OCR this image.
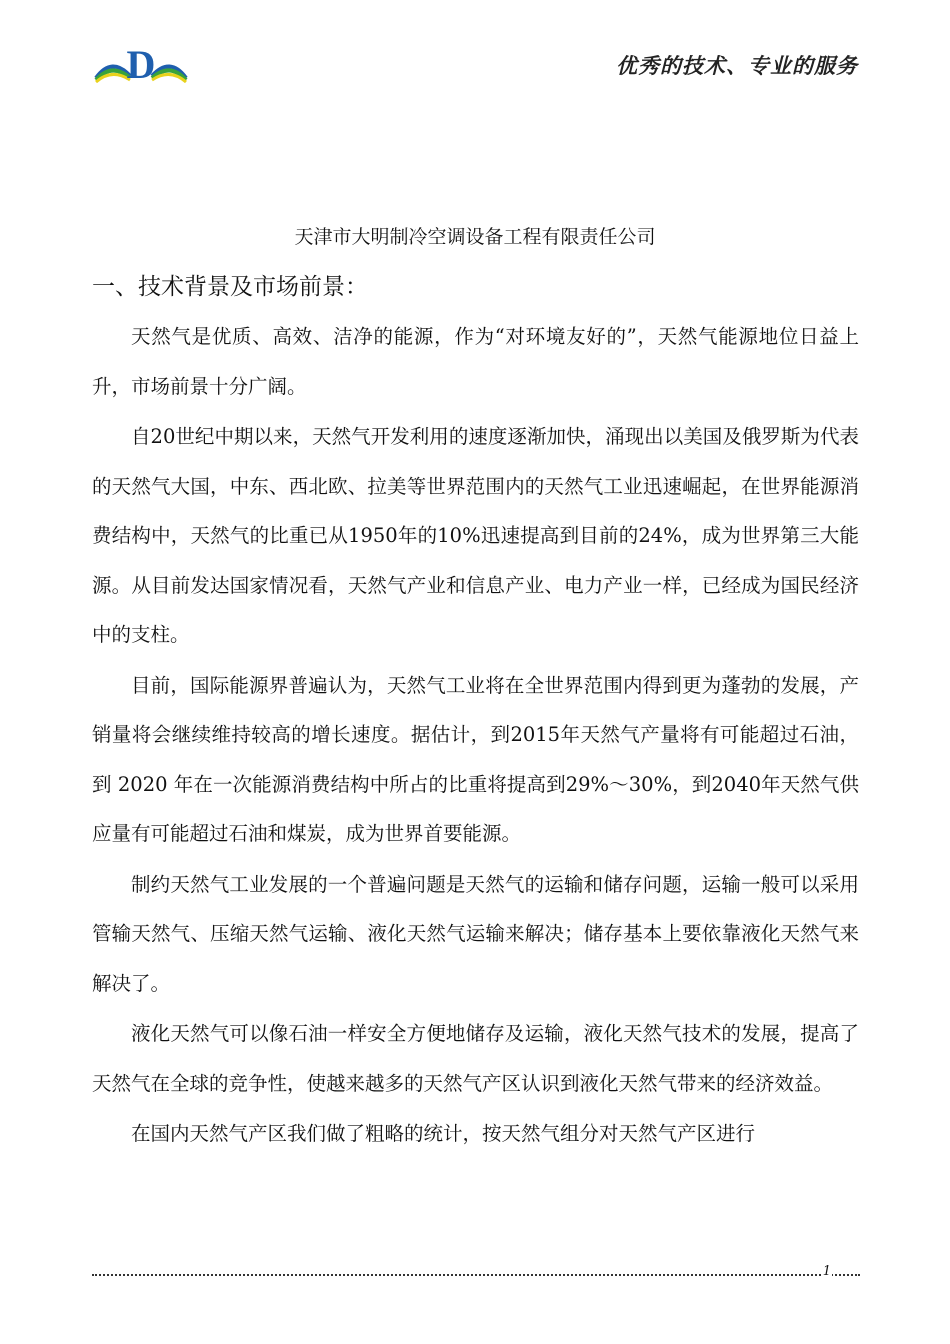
D	优秀的技术、专业的服务
天津市大明制冷空调设备工程有限责任公司
一、技术背景及市场前景：

天然气是优质、高效、洁净的能源，作为“对环境友好的”，天然气能源地位日益上升，市场前景十分广阔。

自20世纪中期以来，天然气开发利用的速度逐渐加快，涌现出以美国及俄罗斯为代表的天然气大国，中东、西北欧、拉美等世界范围内的天然气工业迅速崛起，在世界能源消费结构中，天然气的比重已从1950年的10%迅速提高到目前的24%，成为世界第三大能源。从目前发达国家情况看，天然气产业和信息产业、电力产业一样，已经成为国民经济中的支柱。

目前，国际能源界普遍认为，天然气工业将在全世界范围内得到更为蓬勃的发展，产销量将会继续维持较高的增长速度。据估计，到2015年天然气产量将有可能超过石油，到 2020 年在一次能源消费结构中所占的比重将提高到29%～30%，到2040年天然气供应量有可能超过石油和煤炭，成为世界首要能源。

制约天然气工业发展的一个普遍问题是天然气的运输和储存问题，运输一般可以采用管输天然气、压缩天然气运输、液化天然气运输来解决；储存基本上要依靠液化天然气来解决了。

液化天然气可以像石油一样安全方便地储存及运输，液化天然气技术的发展，提高了天然气在全球的竞争性，使越来越多的天然气产区认识到液化天然气带来的经济效益。

在国内天然气产区我们做了粗略的统计，按天然气组分对天然气产区进行

1
